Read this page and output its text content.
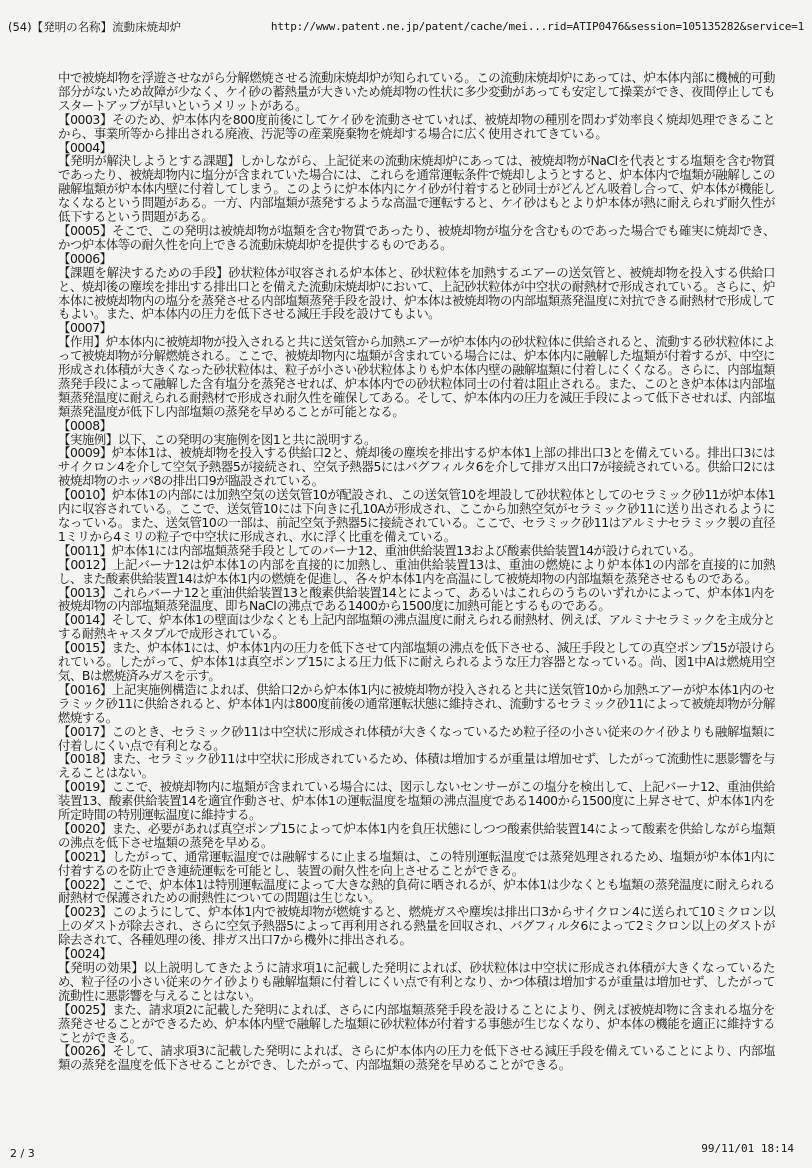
(54)【発明の名称】流動床焼却炉	http://www.patent.ne.jp/patent/cache/mei...rid=ATIP0476&session=105135282&service=1

中で被焼却物を浮遊させながら分解燃焼させる流動床焼却炉が知られている。この流動床焼却炉にあっては、炉本体内部に機械的可動部分がないため故障が少なく、ケイ砂の蓄熱量が大きいため焼却物の性状に多少変動があっても安定して操業ができ、夜間停止してもスタートアップが早いというメリットがある。

【0003】そのため、炉本体内を800度前後にしてケイ砂を流動させていれば、被焼却物の種別を問わず効率良く焼却処理できることから、事業所等から排出される廃液、汚泥等の産業廃棄物を焼却する場合に広く使用されてきている。

【0004】

【発明が解決しようとする課題】しかしながら、上記従来の流動床焼却炉にあっては、被焼却物がNaClを代表とする塩類を含む物質であったり、被焼却物内に塩分が含まれていた場合には、これらを通常運転条件で焼却しようとすると、炉本体内で塩類が融解しこの融解塩類が炉本体内壁に付着してしまう。このように炉本体内にケイ砂が付着すると砂同士がどんどん吸着し合って、炉本体が機能しなくなるという問題がある。一方、内部塩類が蒸発するような高温で運転すると、ケイ砂はもとより炉本体が熱に耐えられず耐久性が低下するという問題がある。

【0005】そこで、この発明は被焼却物が塩類を含む物質であったり、被焼却物が塩分を含むものであった場合でも確実に焼却でき、かつ炉本体等の耐久性を向上できる流動床焼却炉を提供するものである。

【0006】

【課題を解決するための手段】砂状粒体が収容される炉本体と、砂状粒体を加熱するエアーの送気管と、被焼却物を投入する供給口と、焼却後の塵埃を排出する排出口とを備えた流動床焼却炉において、上記砂状粒体が中空状の耐熱材で形成されている。さらに、炉本体に被焼却物内の塩分を蒸発させる内部塩類蒸発手段を設け、炉本体は被焼却物の内部塩類蒸発温度に対抗できる耐熱材で形成してもよい。また、炉本体内の圧力を低下させる減圧手段を設けてもよい。

【0007】

【作用】炉本体内に被焼却物が投入されると共に送気管から加熱エアーが炉本体内の砂状粒体に供給されると、流動する砂状粒体によって被焼却物が分解燃焼される。ここで、被焼却物内に塩類が含まれている場合には、炉本体内に融解した塩類が付着するが、中空に形成され体積が大きくなった砂状粒体は、粒子が小さい砂状粒体よりも炉本体内壁の融解塩類に付着しにくくなる。さらに、内部塩類蒸発手段によって融解した含有塩分を蒸発させれば、炉本体内での砂状粒体同士の付着は阻止される。また、このとき炉本体は内部塩類蒸発温度に耐えられる耐熱材で形成され耐久性を確保してある。そして、炉本体内の圧力を減圧手段によって低下させれば、内部塩類蒸発温度が低下し内部塩類の蒸発を早めることが可能となる。

【0008】

【実施例】以下、この発明の実施例を図1と共に説明する。

【0009】炉本体1は、被焼却物を投入する供給口2と、焼却後の塵埃を排出する炉本体1上部の排出口3とを備えている。排出口3にはサイクロン4を介して空気予熱器5が接続され、空気予熱器5にはバグフィルタ6を介して排ガス出口7が接続されている。供給口2には被焼却物のホッパ8の排出口9が臨設されている。

【0010】炉本体1の内部には加熱空気の送気管10が配設され、この送気管10を埋設して砂状粒体としてのセラミック砂11が炉本体1内に収容されている。ここで、送気管10には下向きに孔10Aが形成され、ここから加熱空気がセラミック砂11に送り出されるようになっている。また、送気管10の一部は、前記空気予熱器5に接続されている。ここで、セラミック砂11はアルミナセラミック製の直径1ミリから4ミリの粒子で中空状に形成され、水に浮く比重を備えている。

【0011】炉本体1には内部塩類蒸発手段としてのバーナ12、重油供給装置13および酸素供給装置14が設けられている。

【0012】上記バーナ12は炉本体1の内部を直接的に加熱し、重油供給装置13は、重油の燃焼により炉本体1の内部を直接的に加熱し、また酸素供給装置14は炉本体1内の燃焼を促進し、各々炉本体1内を高温にして被焼却物の内部塩類を蒸発させるものである。

【0013】これらバーナ12と重油供給装置13と酸素供給装置14とによって、あるいはこれらのうちのいずれかによって、炉本体1内を被焼却物の内部塩類蒸発温度、即ちNaClの沸点である1400から1500度に加熱可能とするものである。

【0014】そして、炉本体1の壁面は少なくとも上記内部塩類の沸点温度に耐えられる耐熱材、例えば、アルミナセラミックを主成分とする耐熱キャスタブルで成形されている。

【0015】また、炉本体1には、炉本体1内の圧力を低下させて内部塩類の沸点を低下させる、減圧手段としての真空ポンプ15が設けられている。したがって、炉本体1は真空ポンプ15による圧力低下に耐えられるような圧力容器となっている。尚、図1中Aは燃焼用空気、Bは燃焼済みガスを示す。

【0016】上記実施例構造によれば、供給口2から炉本体1内に被焼却物が投入されると共に送気管10から加熱エアーが炉本体1内のセラミック砂11に供給されると、炉本体1内は800度前後の通常運転状態に維持され、流動するセラミック砂11によって被焼却物が分解燃焼する。

【0017】このとき、セラミック砂11は中空状に形成され体積が大きくなっているため粒子径の小さい従来のケイ砂よりも融解塩類に付着しにくい点で有利となる。

【0018】また、セラミック砂11は中空状に形成されているため、体積は増加するが重量は増加せず、したがって流動性に悪影響を与えることはない。

【0019】ここで、被焼却物内に塩類が含まれている場合には、図示しないセンサーがこの塩分を検出して、上記バーナ12、重油供給装置13、酸素供給装置14を適宜作動させ、炉本体1の運転温度を塩類の沸点温度である1400から1500度に上昇させて、炉本体1内を所定時間の特別運転温度に維持する。

【0020】また、必要があれば真空ポンプ15によって炉本体1内を負圧状態にしつつ酸素供給装置14によって酸素を供給しながら塩類の沸点を低下させ塩類の蒸発を早める。

【0021】したがって、通常運転温度では融解するに止まる塩類は、この特別運転温度では蒸発処理されるため、塩類が炉本体1内に付着するのを防止でき連続運転を可能とし、装置の耐久性を向上させることができる。

【0022】ここで、炉本体1は特別運転温度によって大きな熱的負荷に晒されるが、炉本体1は少なくとも塩類の蒸発温度に耐えられる耐熱材で保護されための耐熱性についての問題は生じない。

【0023】このようにして、炉本体1内で被焼却物が燃焼すると、燃焼ガスや塵埃は排出口3からサイクロン4に送られて10ミクロン以上のダストが除去され、さらに空気予熱器5によって再利用される熱量を回収され、バグフィルタ6によって2ミクロン以上のダストが除去されて、各種処理の後、排ガス出口7から機外に排出される。

【0024】

【発明の効果】以上説明してきたように請求項1に記載した発明によれば、砂状粒体は中空状に形成され体積が大きくなっているため、粒子径の小さい従来のケイ砂よりも融解塩類に付着しにくい点で有利となり、かつ体積は増加するが重量は増加せず、したがって流動性に悪影響を与えることはない。

【0025】また、請求項2に記載した発明によれば、さらに内部塩類蒸発手段を設けることにより、例えば被焼却物に含まれる塩分を蒸発させることができるため、炉本体内壁で融解した塩類に砂状粒体が付着する事態が生じなくなり、炉本体の機能を適正に維持することができる。

【0026】そして、請求項3に記載した発明によれば、さらに炉本体内の圧力を低下させる減圧手段を備えていることにより、内部塩類の蒸発を温度を低下させることができ、したがって、内部塩類の蒸発を早めることができる。

2 / 3	99/11/01 18:14
